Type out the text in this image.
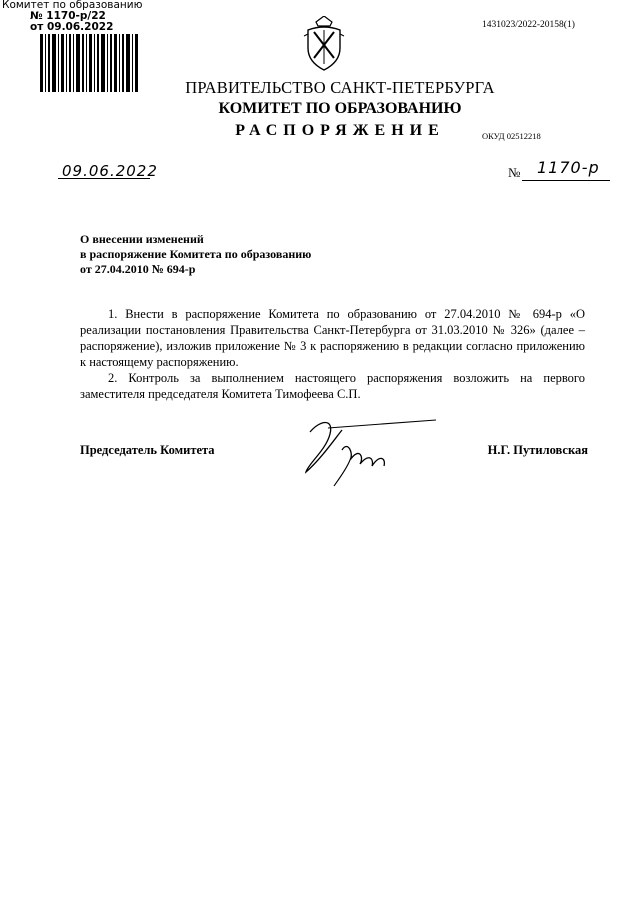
Комитет по образованию
№ 1170-р/22
от 09.06.2022	1431023/2022-20158(1)
ПРАВИТЕЛЬСТВО САНКТ-ПЕТЕРБУРГА
КОМИТЕТ ПО ОБРАЗОВАНИЮ
РАСПОРЯЖЕНИЕ	ОКУД 02512218
09.06.2022	№ 1170-р
О внесении изменений
в распоряжение Комитета по образованию
от 27.04.2010 № 694-р

1. Внести в распоряжение Комитета по образованию от 27.04.2010 № 694-р «О реализации постановления Правительства Санкт-Петербурга от 31.03.2010 № 326» (далее – распоряжение), изложив приложение № 3 к распоряжению в редакции согласно приложению к настоящему распоряжению.

2. Контроль за выполнением настоящего распоряжения возложить на первого заместителя председателя Комитета Тимофеева С.П.

Председатель Комитета	Н.Г. Путиловская
